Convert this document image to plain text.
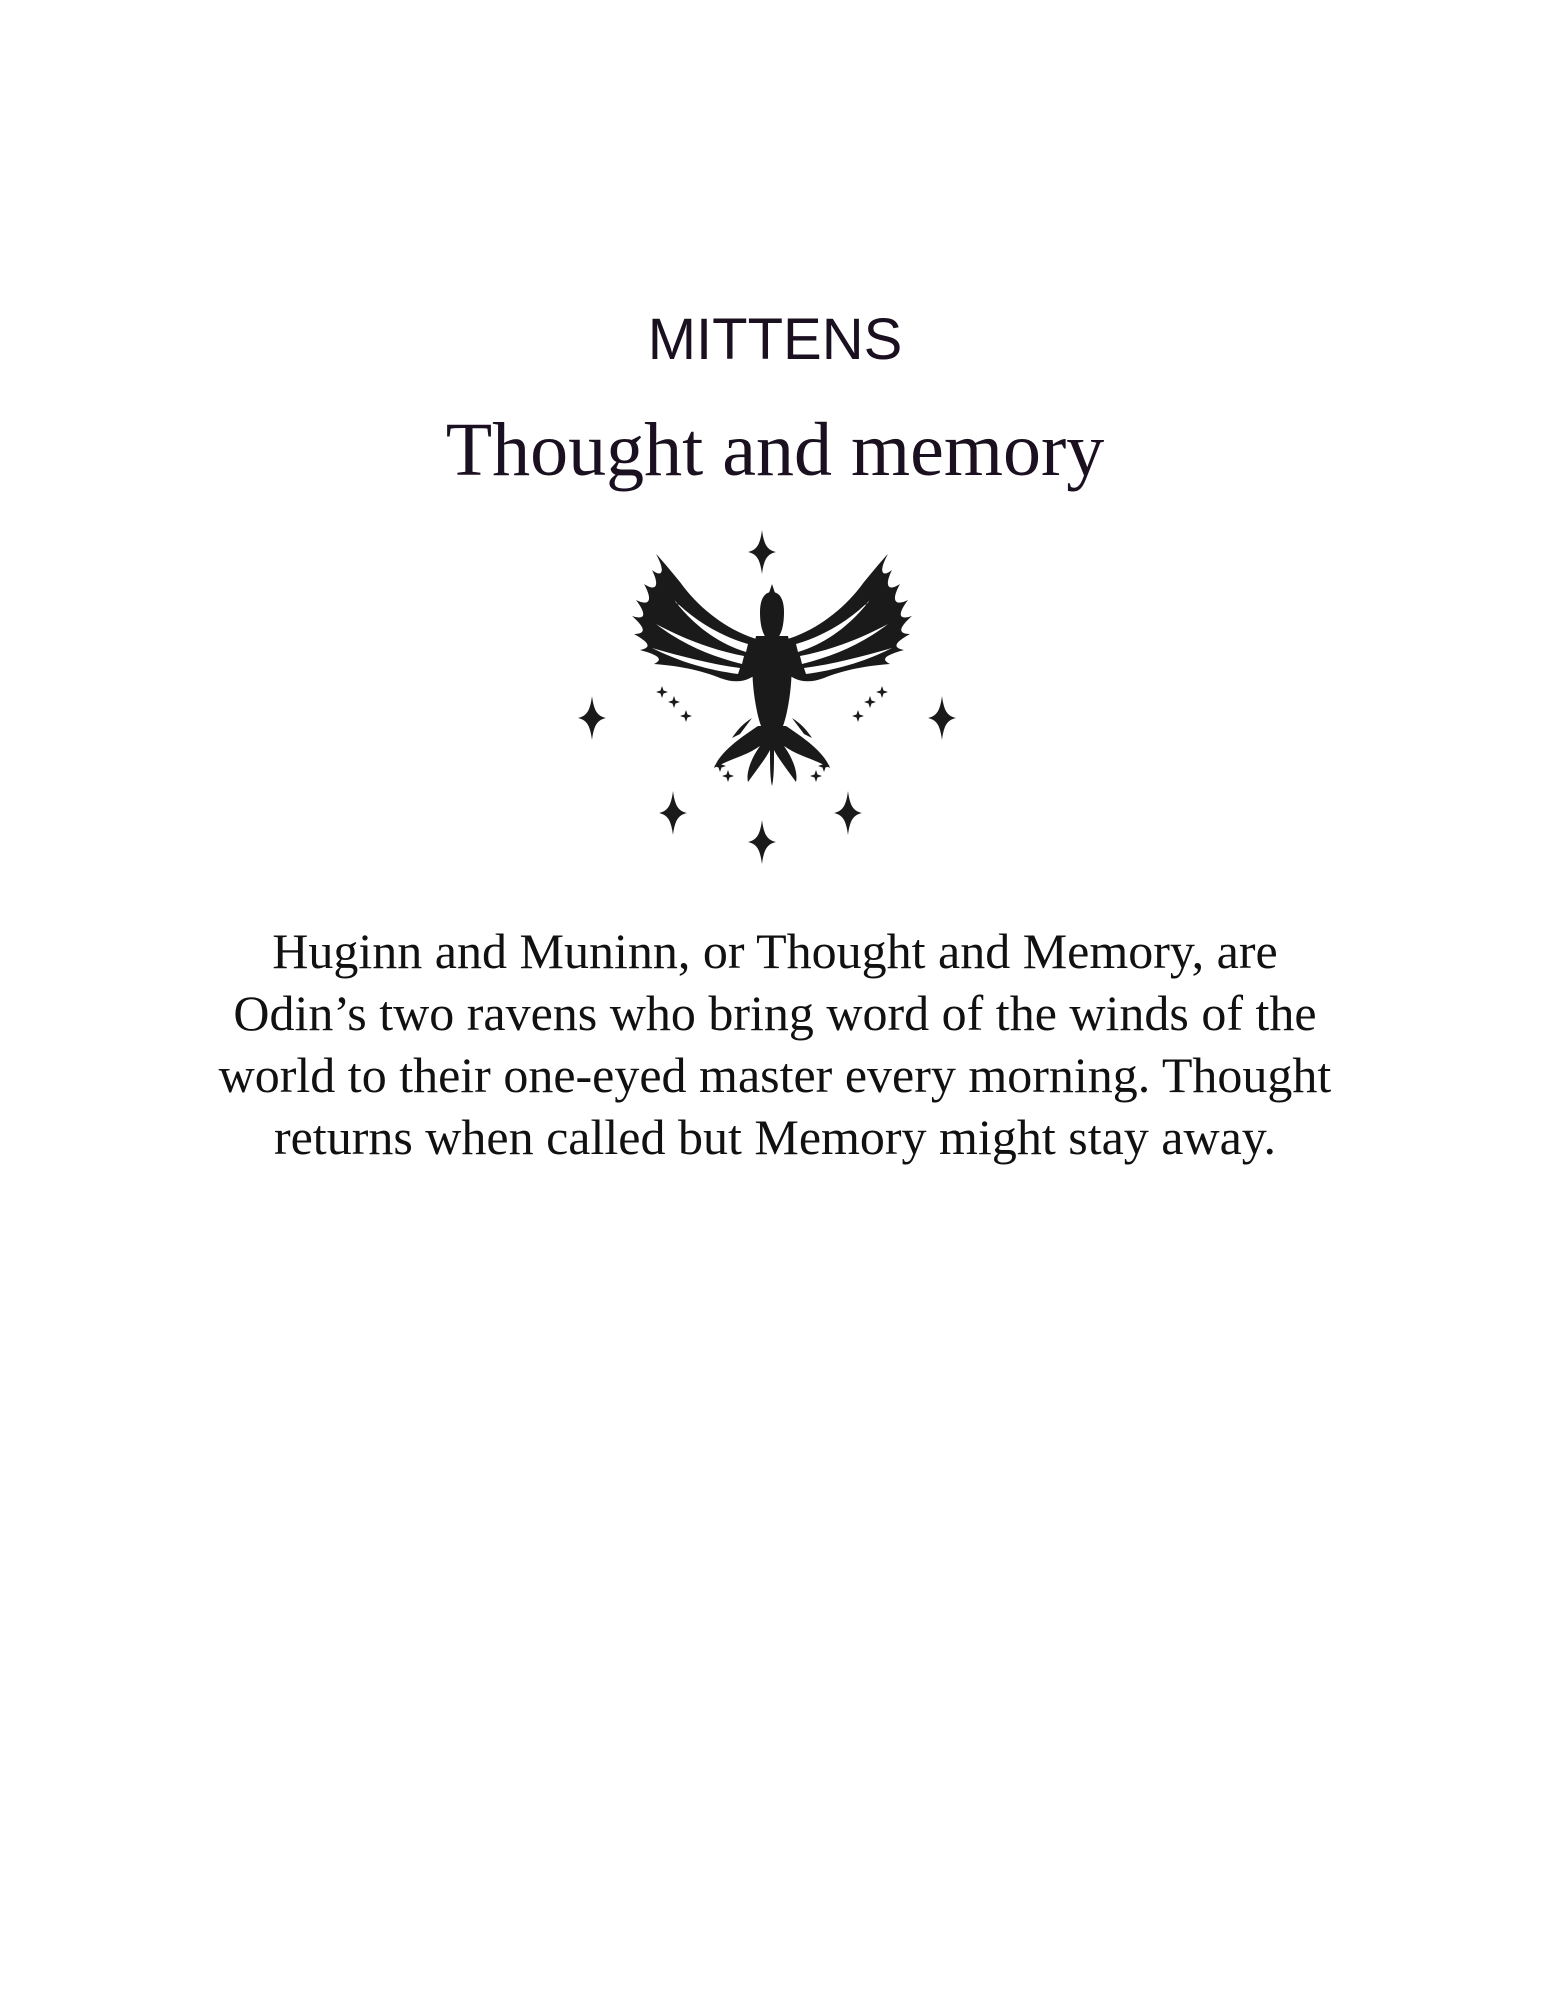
MITTENS
Thought and memory
Huginn and Muninn, or Thought and Memory, are
Odin’s two ravens who bring word of the winds of the
world to their one-eyed master every morning. Thought
returns when called but Memory might stay away.
